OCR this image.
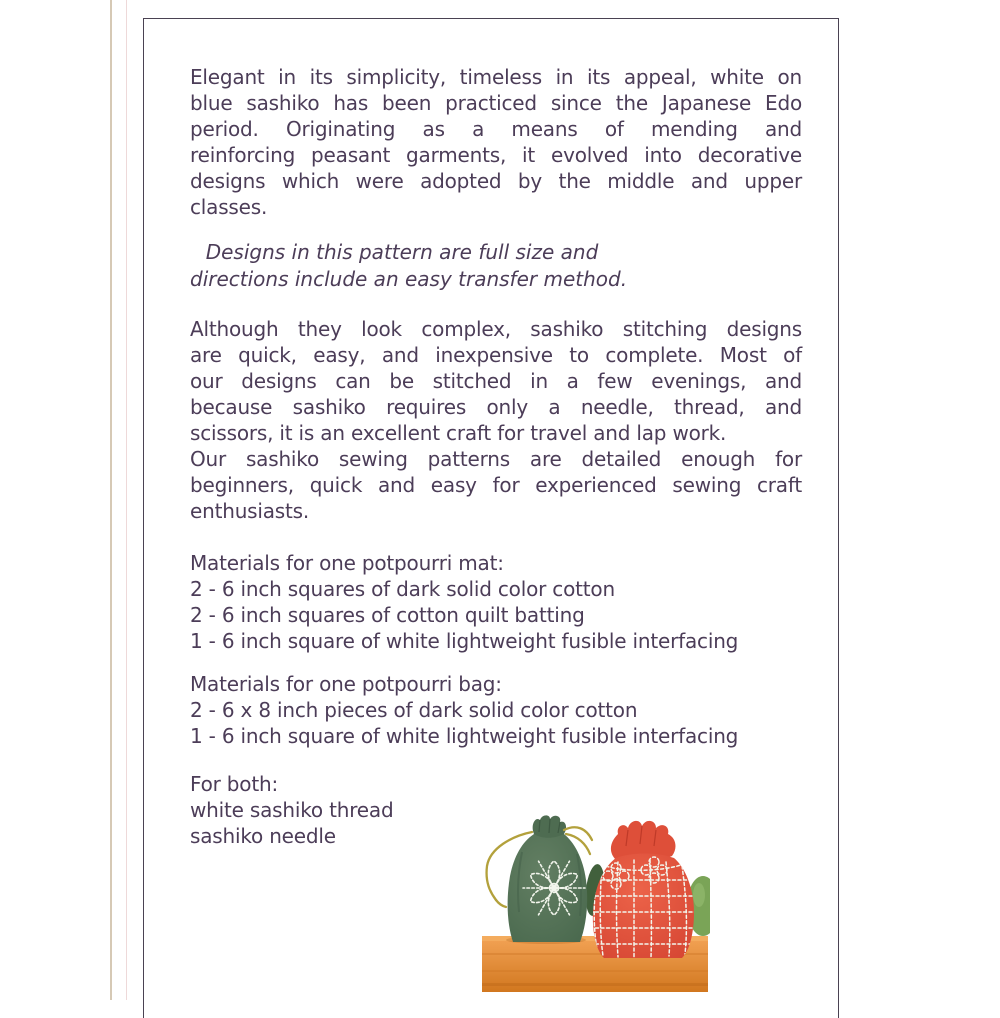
Elegant in its simplicity, timeless in its appeal, white on
blue sashiko has been practiced since the Japanese Edo
period. Originating as a means of mending and
reinforcing peasant garments, it evolved into decorative
designs which were adopted by the middle and upper
classes.
Designs in this pattern are full size and
directions include an easy transfer method.
Although they look complex, sashiko stitching designs
are quick, easy, and inexpensive to complete. Most of
our designs can be stitched in a few evenings, and
because sashiko requires only a needle, thread, and
scissors, it is an excellent craft for travel and lap work.
Our sashiko sewing patterns are detailed enough for
beginners, quick and easy for experienced sewing craft
enthusiasts.
Materials for one potpourri mat:
2 - 6 inch squares of dark solid color cotton
2 - 6 inch squares of cotton quilt batting
1 - 6 inch square of white lightweight fusible interfacing
Materials for one potpourri bag:
2 - 6 x 8 inch pieces of dark solid color cotton
1 - 6 inch square of white lightweight fusible interfacing
For both:
white sashiko thread
sashiko needle
